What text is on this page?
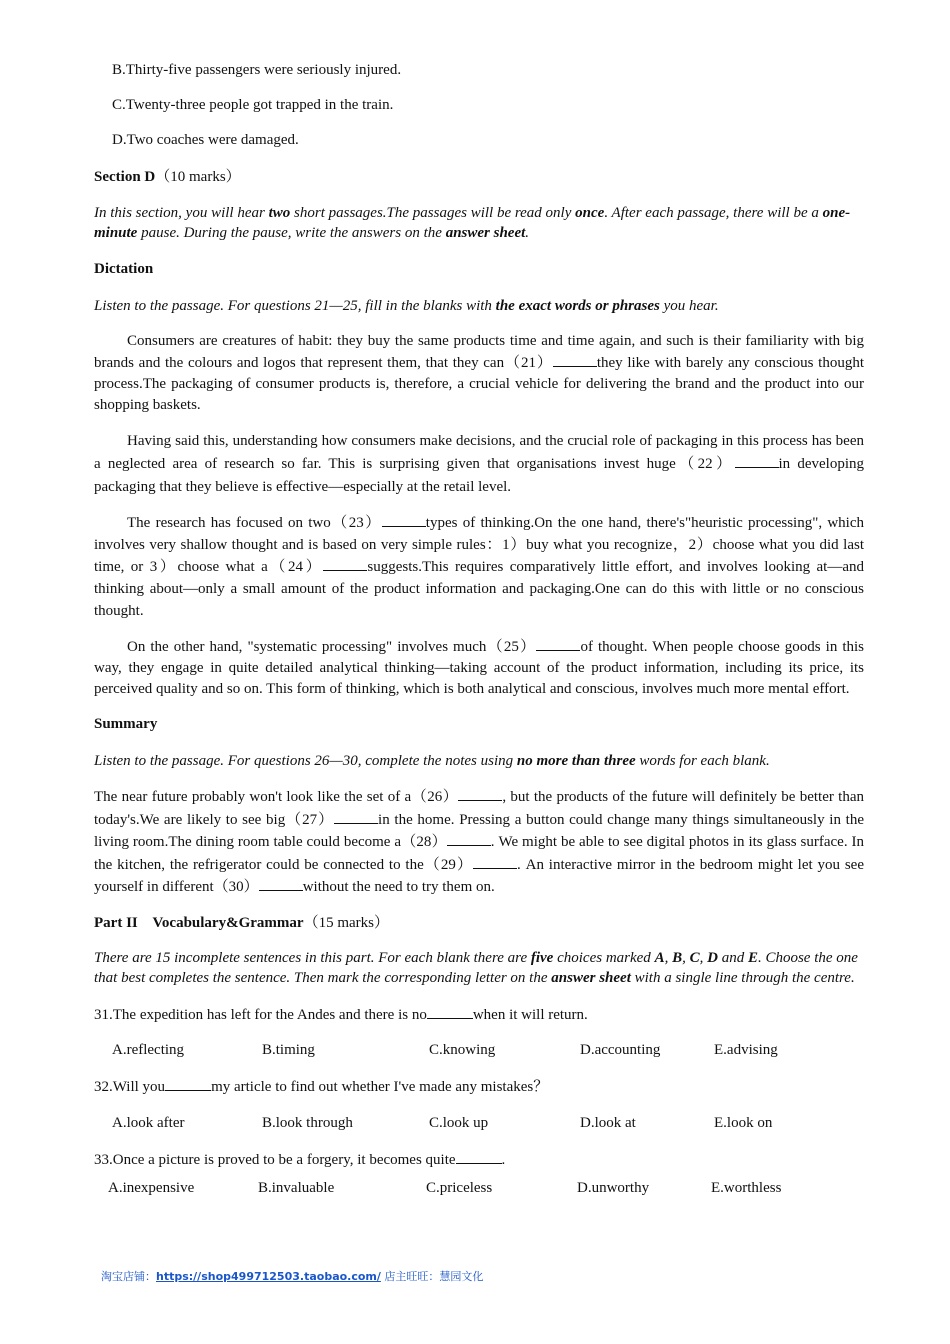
B.Thirty-five passengers were seriously injured.
C.Twenty-three people got trapped in the train.
D.Two coaches were damaged.
Section D（10 marks）
In this section, you will hear two short passages.The passages will be read only once. After each passage, there will be a one-minute pause. During the pause, write the answers on the answer sheet.
Dictation
Listen to the passage. For questions 21—25, fill in the blanks with the exact words or phrases you hear.
Consumers are creatures of habit: they buy the same products time and time again, and such is their familiarity with big brands and the colours and logos that represent them, that they can（21）	they like with barely any conscious thought process.The packaging of consumer products is, therefore, a crucial vehicle for delivering the brand and the product into our shopping baskets.
Having said this, understanding how consumers make decisions, and the crucial role of packaging in this process has been a neglected area of research so far. This is surprising given that organisations invest huge（22）	in developing packaging that they believe is effective—especially at the retail level.
The research has focused on two（23）	types of thinking.On the one hand, there's"heuristic processing", which involves very shallow thought and is based on very simple rules：1）buy what you recognize，2）choose what you did last time, or 3）choose what a（24）	suggests.This requires comparatively little effort, and involves looking at—and thinking about—only a small amount of the product information and packaging.One can do this with little or no conscious thought.
On the other hand, "systematic processing" involves much（25）	of thought. When people choose goods in this way, they engage in quite detailed analytical thinking—taking account of the product information, including its price, its perceived quality and so on. This form of thinking, which is both analytical and conscious, involves much more mental effort.
Summary
Listen to the passage. For questions 26—30, complete the notes using no more than three words for each blank.
The near future probably won't look like the set of a（26）	, but the products of the future will definitely be better than today's.We are likely to see big（27）	in the home. Pressing a button could change many things simultaneously in the living room.The dining room table could become a（28）	. We might be able to see digital photos in its glass surface. In the kitchen, the refrigerator could be connected to the（29）	. An interactive mirror in the bedroom might let you see yourself in different（30）	without the need to try them on.
Part II    Vocabulary&Grammar（15 marks）
There are 15 incomplete sentences in this part. For each blank there are five choices marked A, B, C, D and E. Choose the one that best completes the sentence. Then mark the corresponding letter on the answer sheet with a single line through the centre.
31.The expedition has left for the Andes and there is no	when it will return.
A.reflecting	B.timing	C.knowing	D.accounting	E.advising
32.Will you	my article to find out whether I've made any mistakes？
A.look after	B.look through	C.look up	D.look at	E.look on
33.Once a picture is proved to be a forgery, it becomes quite	.
A.inexpensive	B.invaluable	C.priceless	D.unworthy	E.worthless
淘宝店铺：https://shop499712503.taobao.com/ 店主旺旺：慧园文化
